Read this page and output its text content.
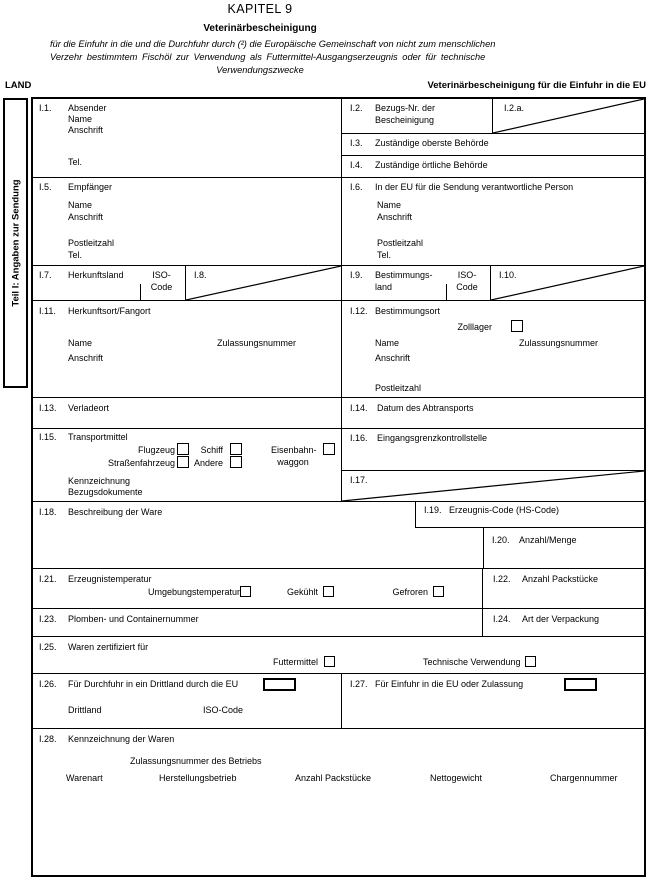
KAPITEL 9
Veterinärbescheinigung
für die Einfuhr in die und die Durchfuhr durch (²) die Europäische Gemeinschaft von nicht zum menschlichen
Verzehr bestimmtem Fischöl zur Verwendung als Futtermittel-Ausgangserzeugnis oder für technische
Verwendungszwecke
LAND	Veterinärbescheinigung für die Einfuhr in die EU
Teil I: Angaben zur Sendung
I.1. Absender
Name
Anschrift
Tel.
I.2. Bezugs-Nr. der Bescheinigung
I.2.a.
I.3. Zuständige oberste Behörde
I.4. Zuständige örtliche Behörde
I.5. Empfänger
Name
Anschrift
Postleitzahl
Tel.
I.6. In der EU für die Sendung verantwortliche Person
Name
Anschrift
Postleitzahl
Tel.
I.7. Herkunftsland	ISO-Code
I.8.	I.9. Bestimmungs-land
ISO-Code
I.10.
I.11. Herkunftsort/Fangort
Name	Zulassungsnummer
Anschrift
I.12. Bestimmungsort
Zolllager
Name	Zulassungsnummer
Anschrift
Postleitzahl
I.13. Verladeort	I.14. Datum des Abtransports
I.15. Transportmittel
Flugzeug	Schiff	Eisenbahn-waggon
Straßenfahrzeug	Andere
Kennzeichnung
Bezugsdokumente
I.16. Eingangsgrenzkontrollstelle
I.17.
I.18. Beschreibung der Ware	I.19. Erzeugnis-Code (HS-Code)
I.20. Anzahl/Menge
I.21. Erzeugnistemperatur
Umgebungstemperatur	Gekühlt	Gefroren
I.22. Anzahl Packstücke
I.23. Plomben- und Containernummer	I.24. Art der Verpackung
I.25. Waren zertifiziert für
Futtermittel	Technische Verwendung
I.26. Für Durchfuhr in ein Drittland durch die EU
Drittland	ISO-Code
I.27. Für Einfuhr in die EU oder Zulassung
I.28. Kennzeichnung der Waren
Zulassungsnummer des Betriebs
Warenart	Herstellungsbetrieb	Anzahl Packstücke	Nettogewicht	Chargennummer
